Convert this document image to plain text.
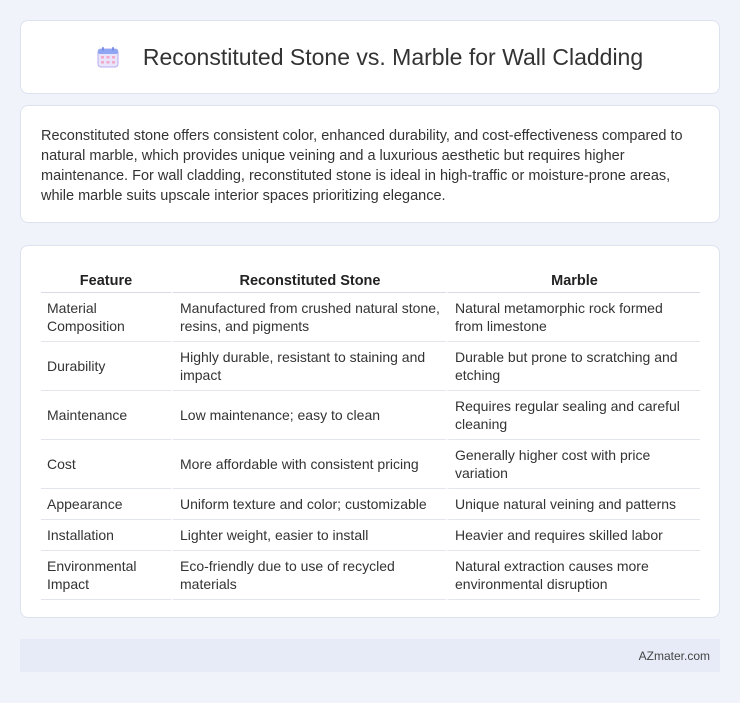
Reconstituted Stone vs. Marble for Wall Cladding

Reconstituted stone offers consistent color, enhanced durability, and cost-effectiveness compared to natural marble, which provides unique veining and a luxurious aesthetic but requires higher maintenance. For wall cladding, reconstituted stone is ideal in high-traffic or moisture-prone areas, while marble suits upscale interior spaces prioritizing elegance.

Feature	Reconstituted Stone	Marble
Material Composition	Manufactured from crushed natural stone, resins, and pigments	Natural metamorphic rock formed from limestone
Durability	Highly durable, resistant to staining and impact	Durable but prone to scratching and etching
Maintenance	Low maintenance; easy to clean	Requires regular sealing and careful cleaning
Cost	More affordable with consistent pricing	Generally higher cost with price variation
Appearance	Uniform texture and color; customizable	Unique natural veining and patterns
Installation	Lighter weight, easier to install	Heavier and requires skilled labor
Environmental Impact	Eco-friendly due to use of recycled materials	Natural extraction causes more environmental disruption
AZmater.com
